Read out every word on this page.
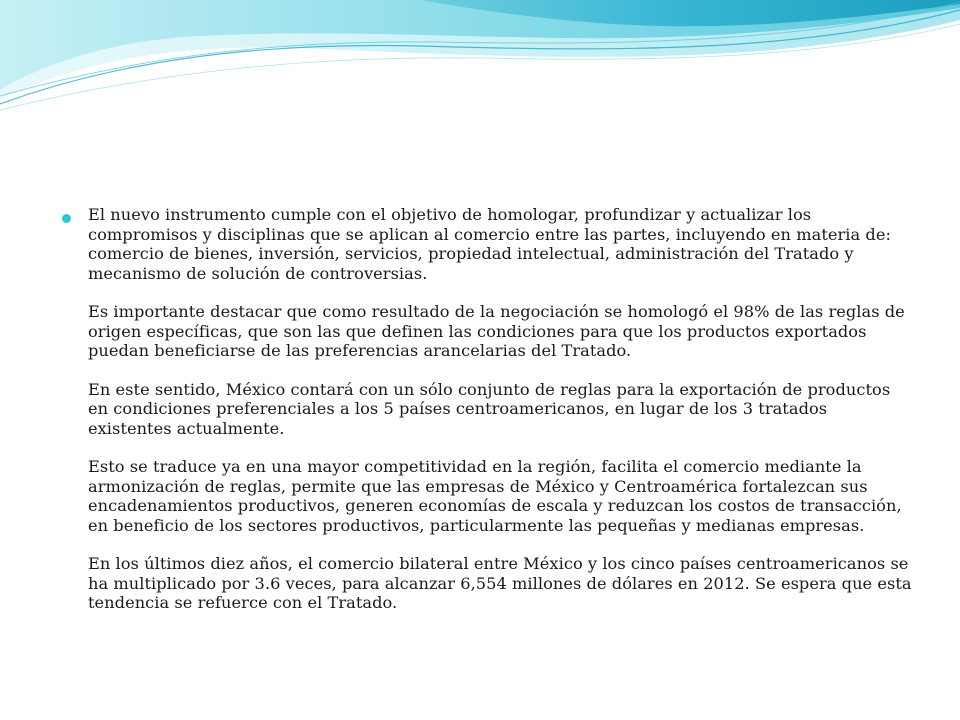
El nuevo instrumento cumple con el objetivo de homologar, profundizar y actualizar los compromisos y disciplinas que se aplican al comercio entre las partes, incluyendo en materia de: comercio de bienes, inversión, servicios, propiedad intelectual, administración del Tratado y mecanismo de solución de controversias.

Es importante destacar que como resultado de la negociación se homologó el 98% de las reglas de origen específicas, que son las que definen las condiciones para que los productos exportados puedan beneficiarse de las preferencias arancelarias del Tratado.

En este sentido, México contará con un sólo conjunto de reglas para la exportación de productos en condiciones preferenciales a los 5 países centroamericanos, en lugar de los 3 tratados existentes actualmente.

Esto se traduce ya en una mayor competitividad en la región, facilita el comercio mediante la armonización de reglas, permite que las empresas de México y Centroamérica fortalezcan sus encadenamientos productivos, generen economías de escala y reduzcan los costos de transacción, en beneficio de los sectores productivos, particularmente las pequeñas y medianas empresas.

En los últimos diez años, el comercio bilateral entre México y los cinco países centroamericanos se ha multiplicado por 3.6 veces, para alcanzar 6,554 millones de dólares en 2012. Se espera que esta tendencia se refuerce con el Tratado.
